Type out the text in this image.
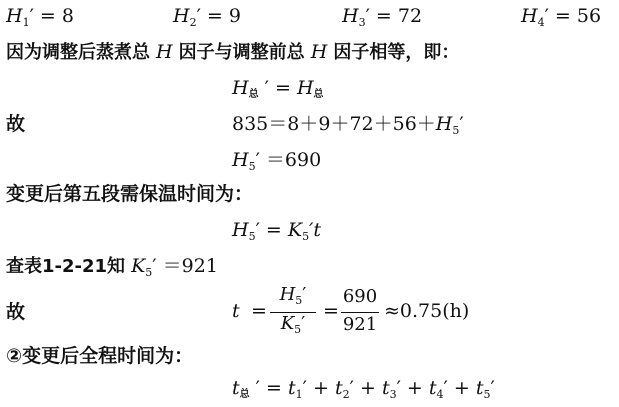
$H_1' = 8$	$H_2' = 9$	$H_3' = 72$	$H_4' = 56$
因为调整后蒸煮总 H 因子与调整前总 H 因子相等，即：
H总 ′ = H总
故	$835=8+9+72+56+H_5'$
$H_5' =690$
变更后第五段需保温时间为：
$H_5' = K_5't$
查表1-2-21知 $K_5' =921$
故	t =
$H_5'$
$K_5'$
=
690
921
≈0.75(h)
②变更后全程时间为：
t总 ′ = $t_1' + t_2' + t_3' + t_4' + t_5'$
